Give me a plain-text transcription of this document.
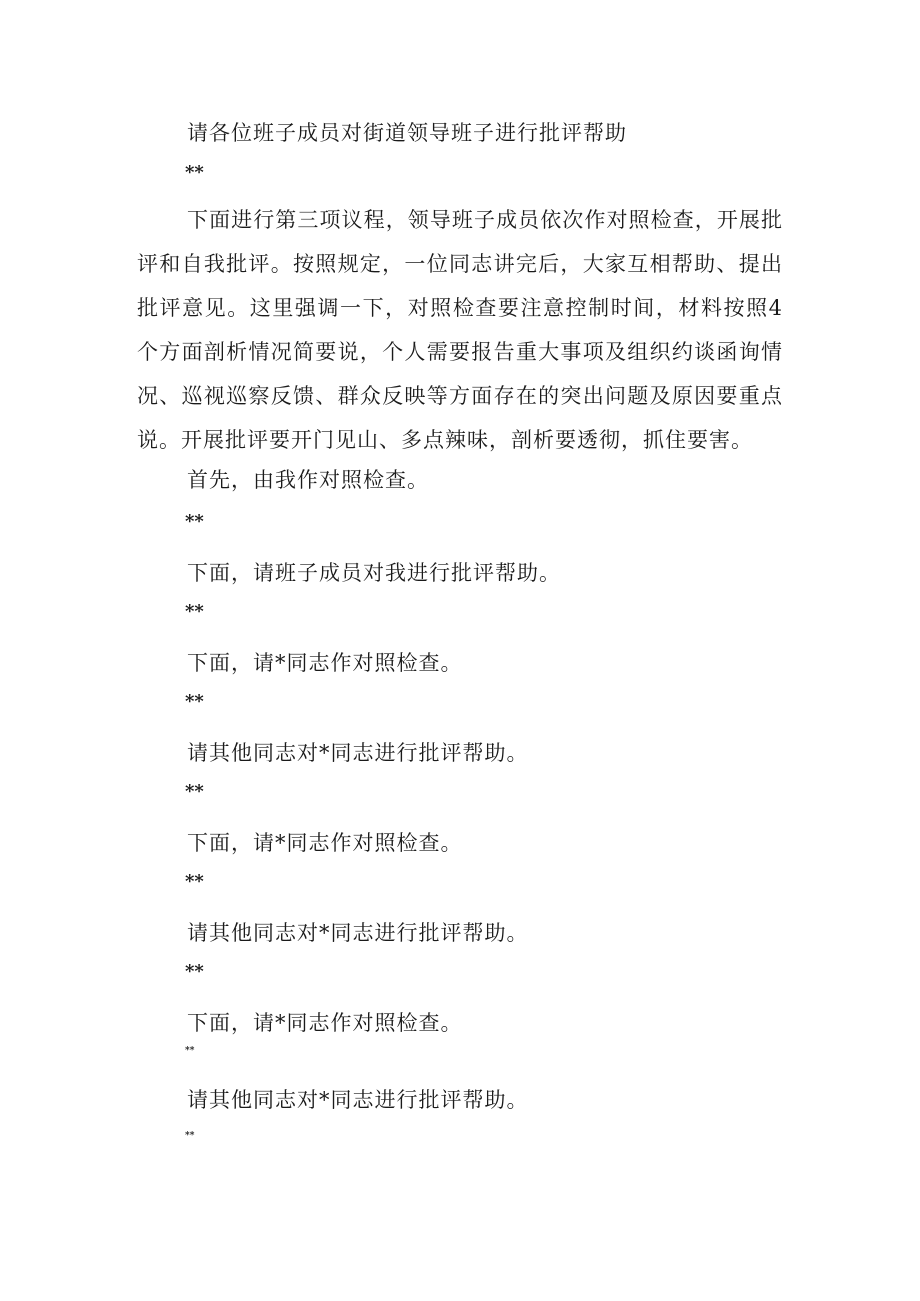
请各位班子成员对街道领导班子进行批评帮助
**
下面进行第三项议程，领导班子成员依次作对照检查，开展批评和自我批评。按照规定，一位同志讲完后，大家互相帮助、提出批评意见。这里强调一下，对照检查要注意控制时间，材料按照4个方面剖析情况简要说，个人需要报告重大事项及组织约谈函询情况、巡视巡察反馈、群众反映等方面存在的突出问题及原因要重点说。开展批评要开门见山、多点辣味，剖析要透彻，抓住要害。
首先，由我作对照检查。
**
下面，请班子成员对我进行批评帮助。
**
下面，请*同志作对照检查。
**
请其他同志对*同志进行批评帮助。
**
下面，请*同志作对照检查。
**
请其他同志对*同志进行批评帮助。
**
下面，请*同志作对照检查。
**
请其他同志对*同志进行批评帮助。
**
